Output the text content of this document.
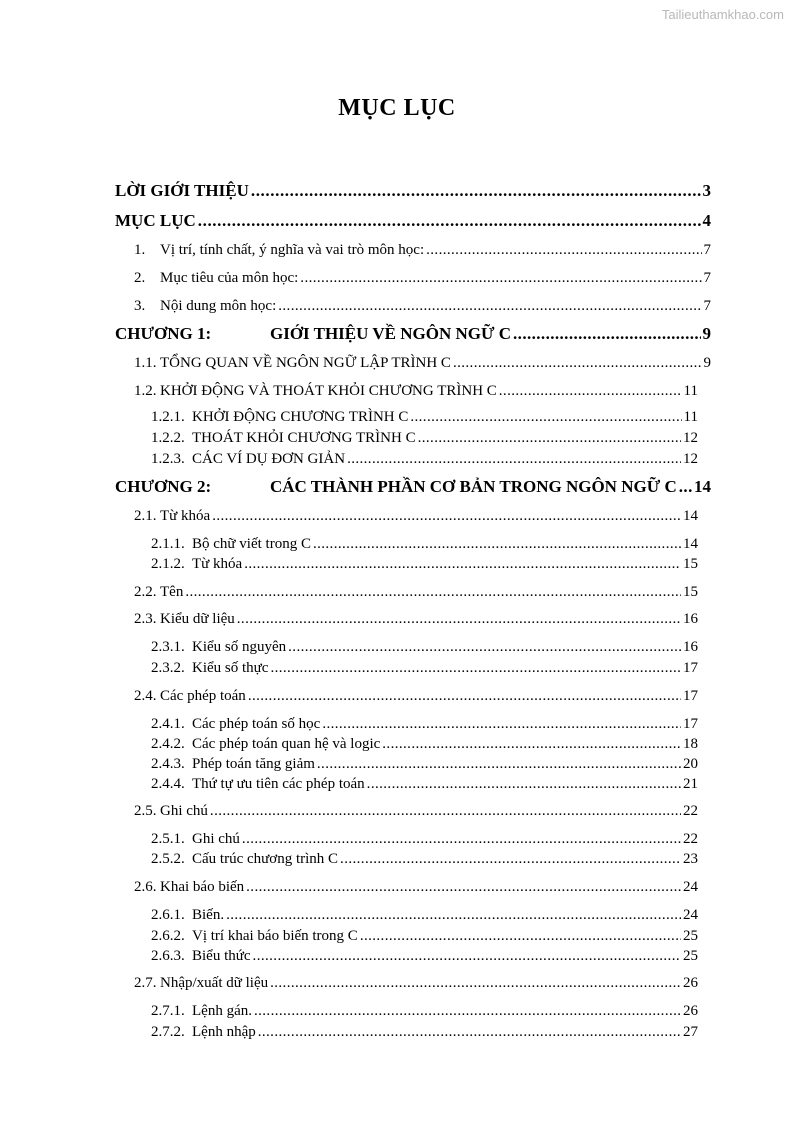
Tailieuthamkhao.com
MỤC LỤC
LỜI GIỚI THIỆU .....	3
MỤC LỤC .....	4
1. Vị trí, tính chất, ý nghĩa và vai trò môn học: .....	7
2. Mục tiêu của môn học: .....	7
3. Nội dung môn học: .....	7
CHƯƠNG 1:	GIỚI THIỆU VỀ NGÔN NGỮ C .....	9
1.1. TỔNG QUAN VỀ NGÔN NGỮ LẬP TRÌNH C .....	9
1.2. KHỞI ĐỘNG VÀ THOÁT KHỎI CHƯƠNG TRÌNH C .....	11
1.2.1. KHỞI ĐỘNG CHƯƠNG TRÌNH C .....	11
1.2.2. THOÁT KHỎI CHƯƠNG TRÌNH C .....	12
1.2.3. CÁC VÍ DỤ ĐƠN GIẢN .....	12
CHƯƠNG 2:	CÁC THÀNH PHẦN CƠ BẢN TRONG NGÔN NGỮ C ..... 14
2.1. Từ khóa .....	14
2.1.1. Bộ chữ viết trong C .....	14
2.1.2. Từ khóa .....	15
2.2. Tên .....	15
2.3. Kiểu dữ liệu .....	16
2.3.1. Kiểu số nguyên .....	16
2.3.2. Kiểu số thực .....	17
2.4. Các phép toán .....	17
2.4.1. Các phép toán số học .....	17
2.4.2. Các phép toán quan hệ và logic .....	18
2.4.3. Phép toán tăng giảm .....	20
2.4.4. Thứ tự ưu tiên các phép toán .....	21
2.5. Ghi chú .....	22
2.5.1. Ghi chú .....	22
2.5.2. Cấu trúc chương trình C .....	23
2.6. Khai báo biến .....	24
2.6.1. Biến. .....	24
2.6.2. Vị trí khai báo biến trong C .....	25
2.6.3. Biểu thức .....	25
2.7. Nhập/xuất dữ liệu .....	26
2.7.1. Lệnh gán. .....	26
2.7.2. Lệnh nhập .....	27
